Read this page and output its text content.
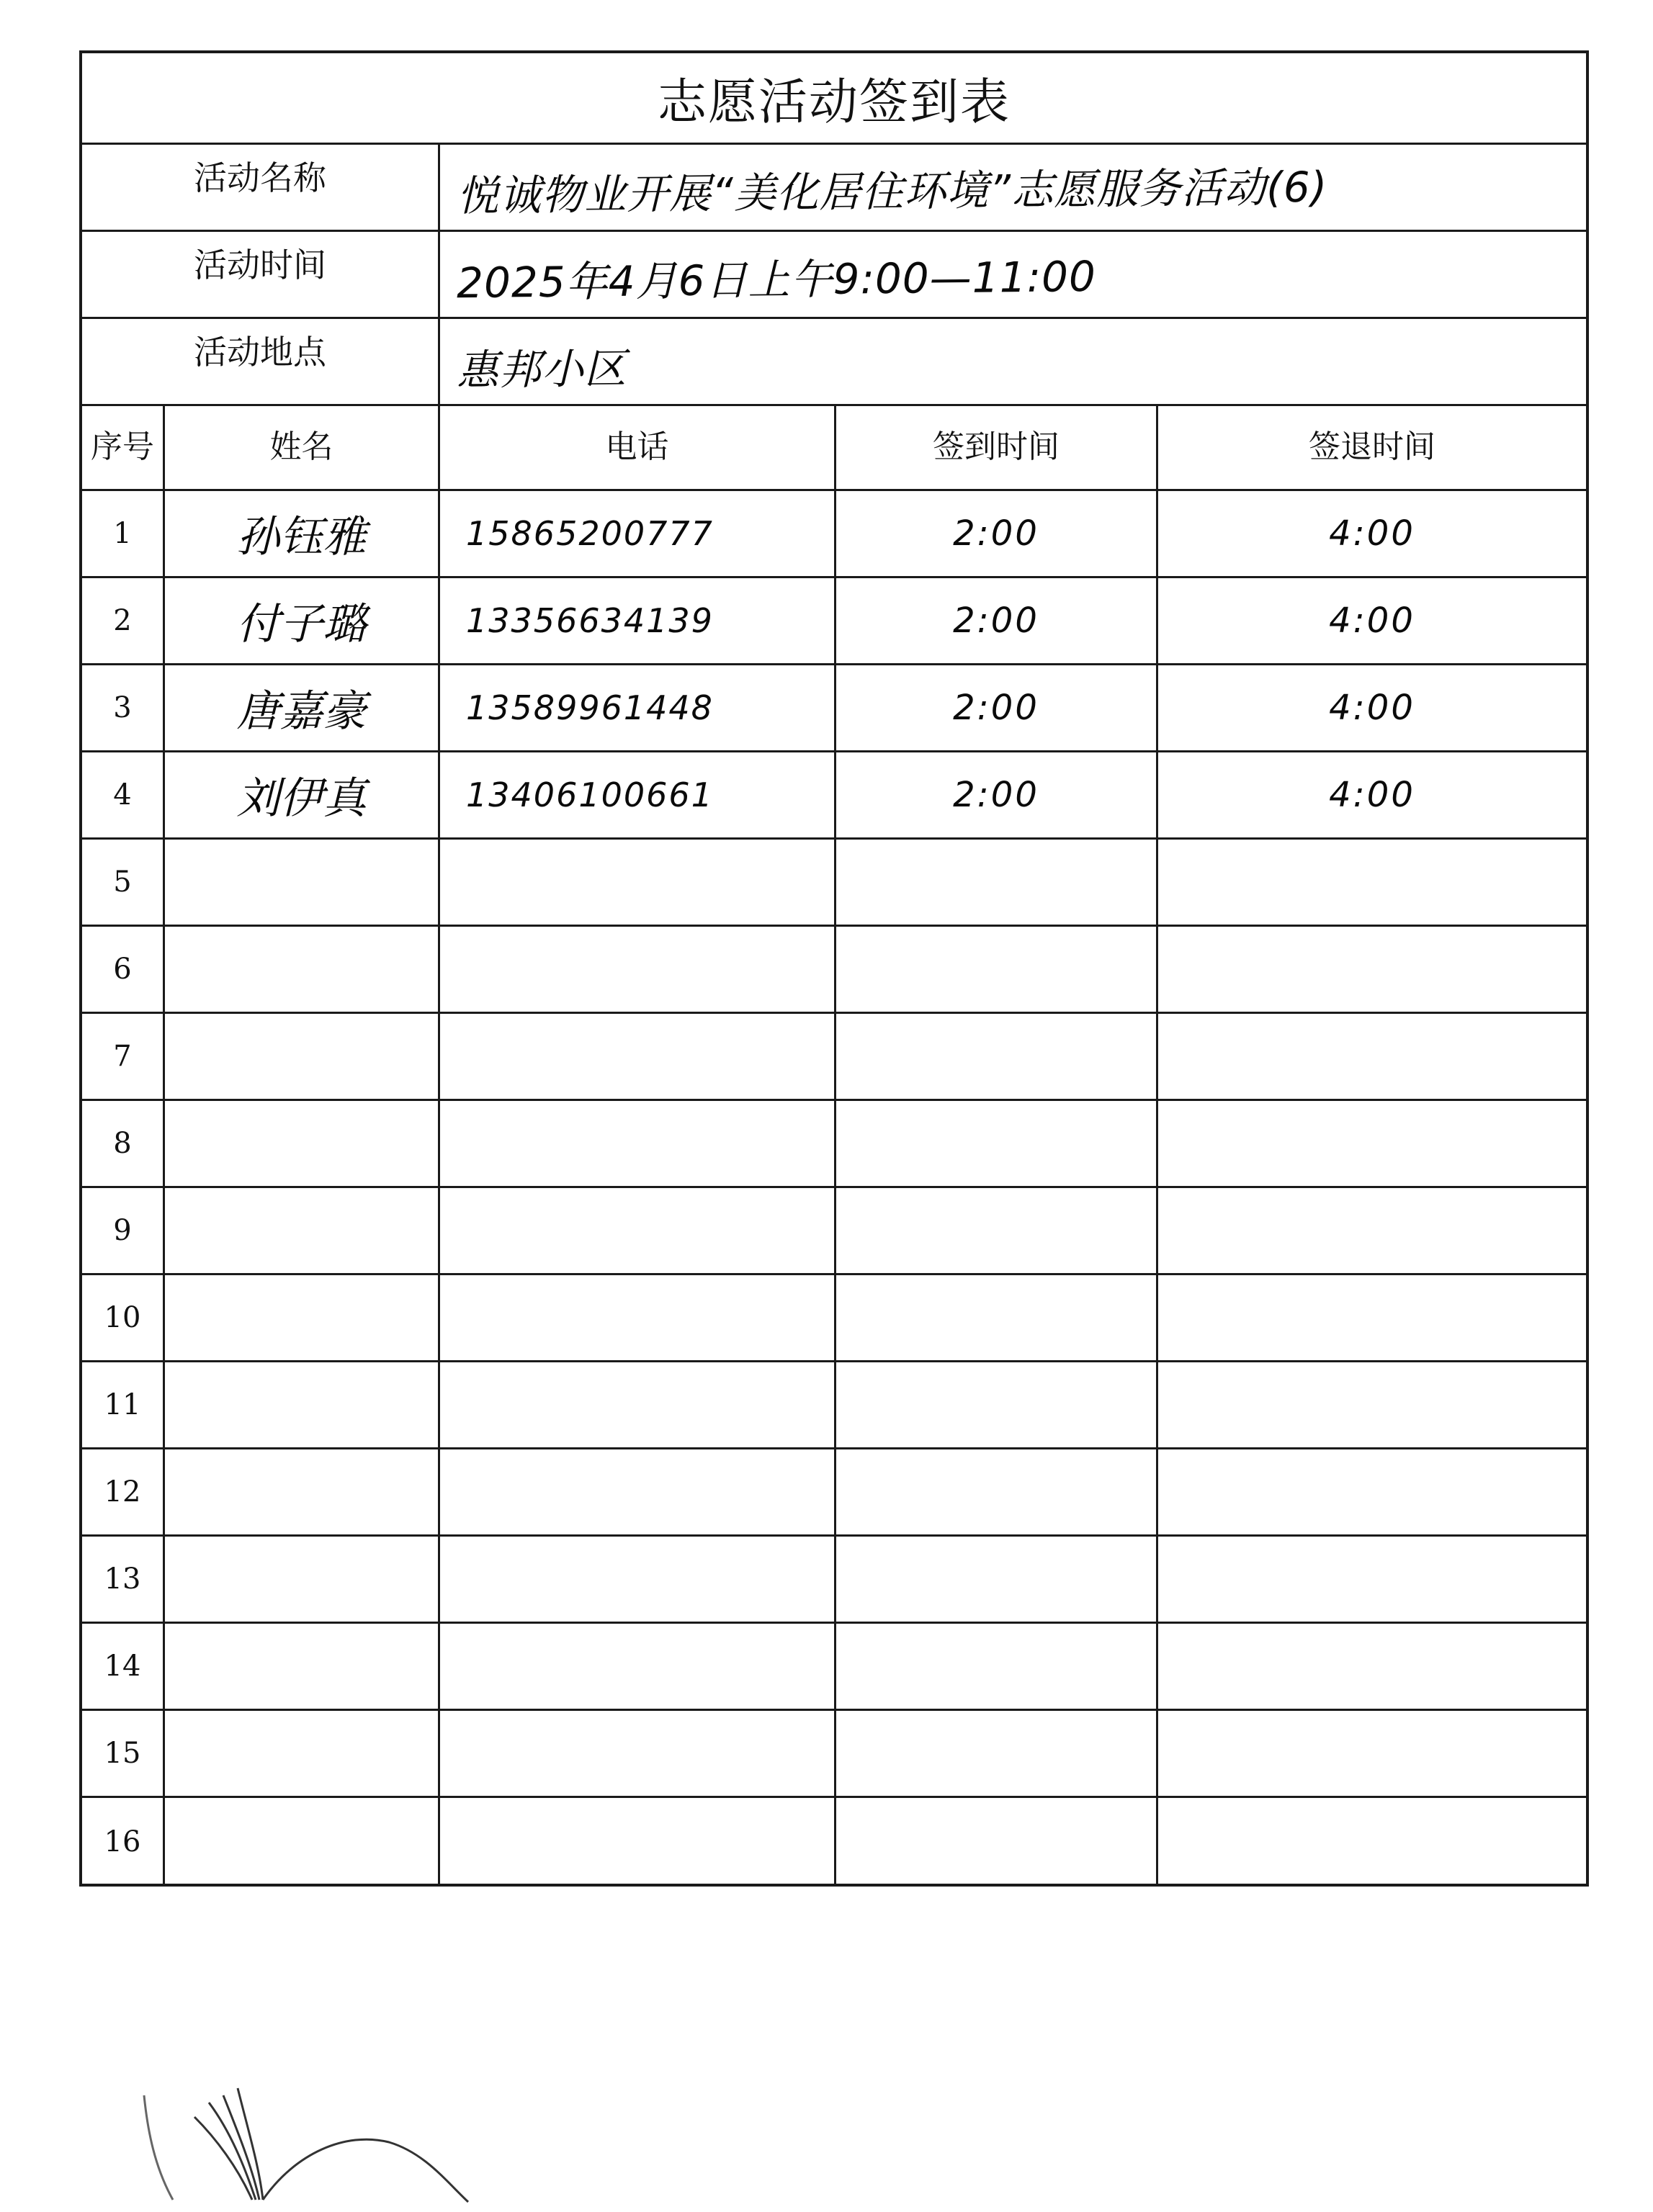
志愿活动签到表
活动名称	悦诚物业开展“美化居住环境”志愿服务活动(6)
活动时间	2025年4月6日上午9:00—11:00
活动地点	惠邦小区
序号	姓名	电话	签到时间	签退时间
1	孙钰雅	15865200777	2:00	4:00
2	付子璐	13356634139	2:00	4:00
3	唐嘉豪	13589961448	2:00	4:00
4	刘伊真	13406100661	2:00	4:00
5
6
7
8
9
10
11
12
13
14
15
16
